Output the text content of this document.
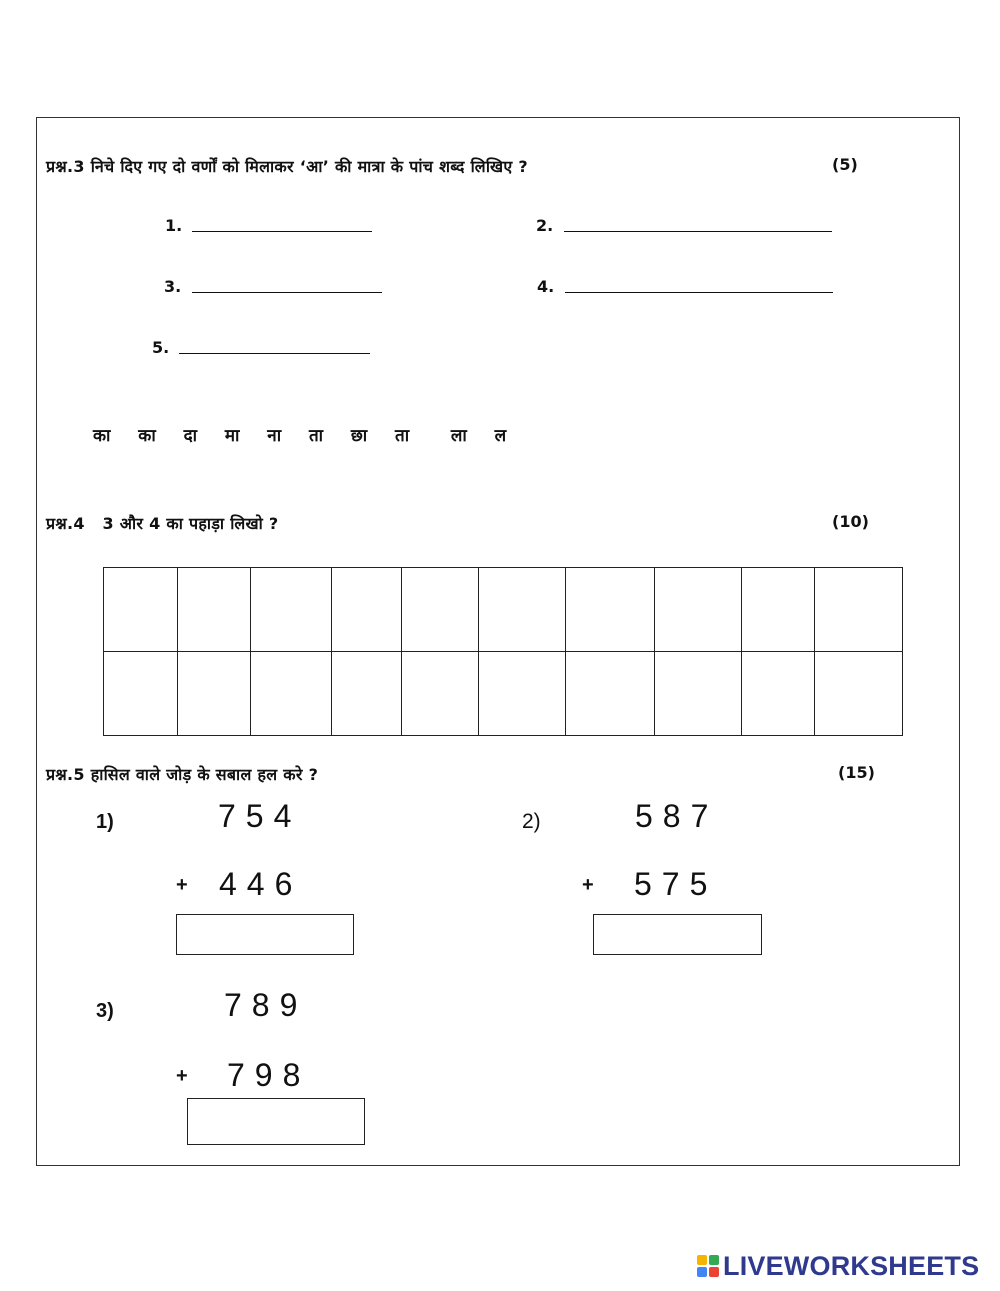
प्रश्न.3 निचे दिए गए दो वर्णों को मिलाकर ‘आ’ की मात्रा के पांच शब्द लिखिए ?	(5)
1.	2.
3.	4.
5.
का  का  दा  मा  ना  ता  छा  ता   ला  ल
प्रश्न.4   3 और 4 का पहाड़ा लिखो ?	(10)

प्रश्न.5 हासिल वाले जोड़ के सबाल हल करे ?	(15)
1)	754
+ 446
2)	587
+ 575
3)	789
+ 798
LIVEWORKSHEETS
